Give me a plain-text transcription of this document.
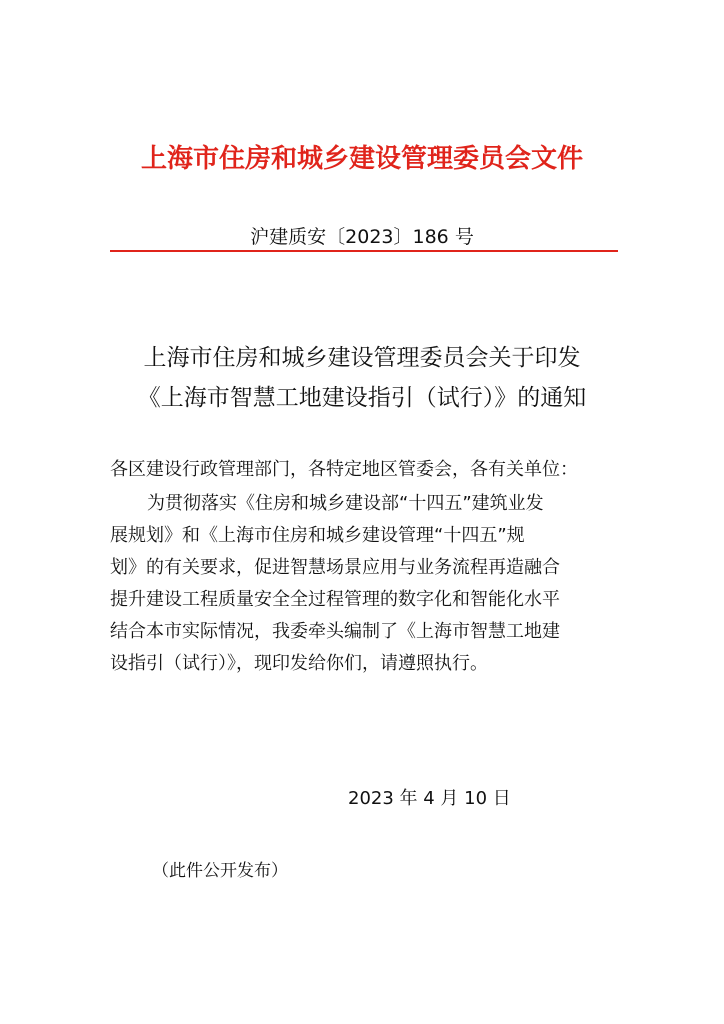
上海市住房和城乡建设管理委员会文件
沪建质安〔2023〕186 号
上海市住房和城乡建设管理委员会关于印发
《上海市智慧工地建设指引（试行）》的通知
各区建设行政管理部门，各特定地区管委会，各有关单位：
为贯彻落实《住房和城乡建设部“十四五”建筑业发
展规划》和《上海市住房和城乡建设管理“十四五”规
划》的有关要求，促进智慧场景应用与业务流程再造融合
提升建设工程质量安全全过程管理的数字化和智能化水平
结合本市实际情况，我委牵头编制了《上海市智慧工地建
设指引（试行）》，现印发给你们，请遵照执行。
2023 年 4 月 10 日
（此件公开发布）
